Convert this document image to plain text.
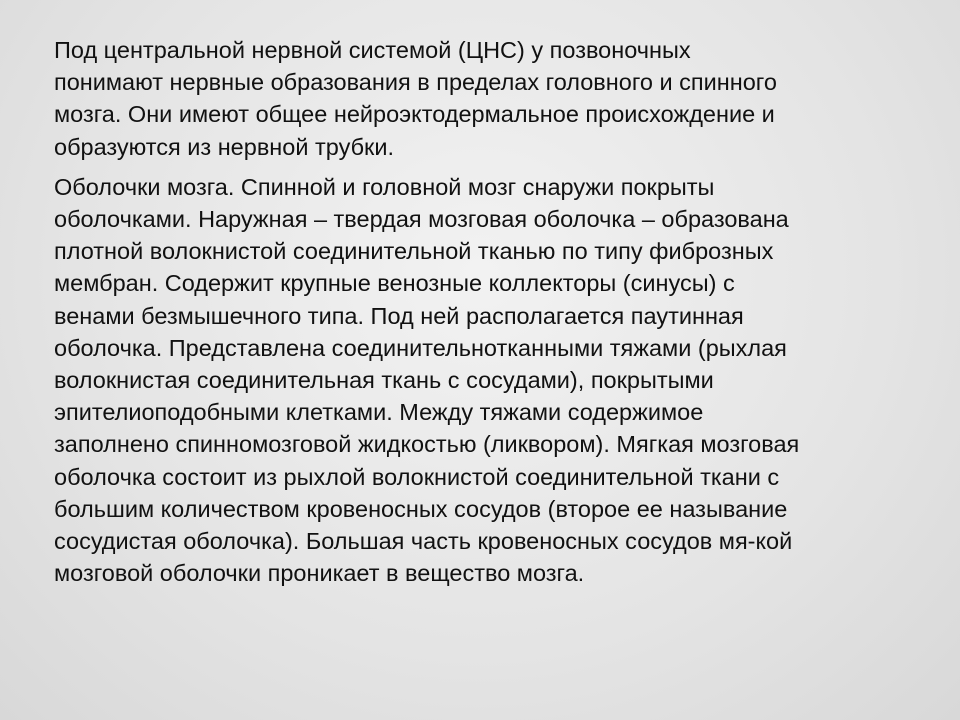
Под центральной нервной системой (ЦНС) у позвоночных
понимают нервные образования в пределах головного и спинного
мозга. Они имеют общее нейроэктодермальное происхождение и
образуются из нервной трубки.

Оболочки мозга. Спинной и головной мозг снаружи покрыты
оболочками. Наружная – твердая мозговая оболочка – образована
плотной волокнистой соединительной тканью по типу фиброзных
мембран. Содержит крупные венозные коллекторы (синусы) с
венами безмышечного типа. Под ней располагается паутинная
оболочка. Представлена соединительнотканными тяжами (рыхлая
волокнистая соединительная ткань с сосудами), покрытыми
эпителиоподобными клетками. Между тяжами содержимое
заполнено спинномозговой жидкостью (ликвором). Мягкая мозговая
оболочка состоит из рыхлой волокнистой соединительной ткани с
большим количеством кровеносных сосудов (второе ее называние
сосудистая оболочка). Большая часть кровеносных сосудов мя-кой
мозговой оболочки проникает в вещество мозга.
